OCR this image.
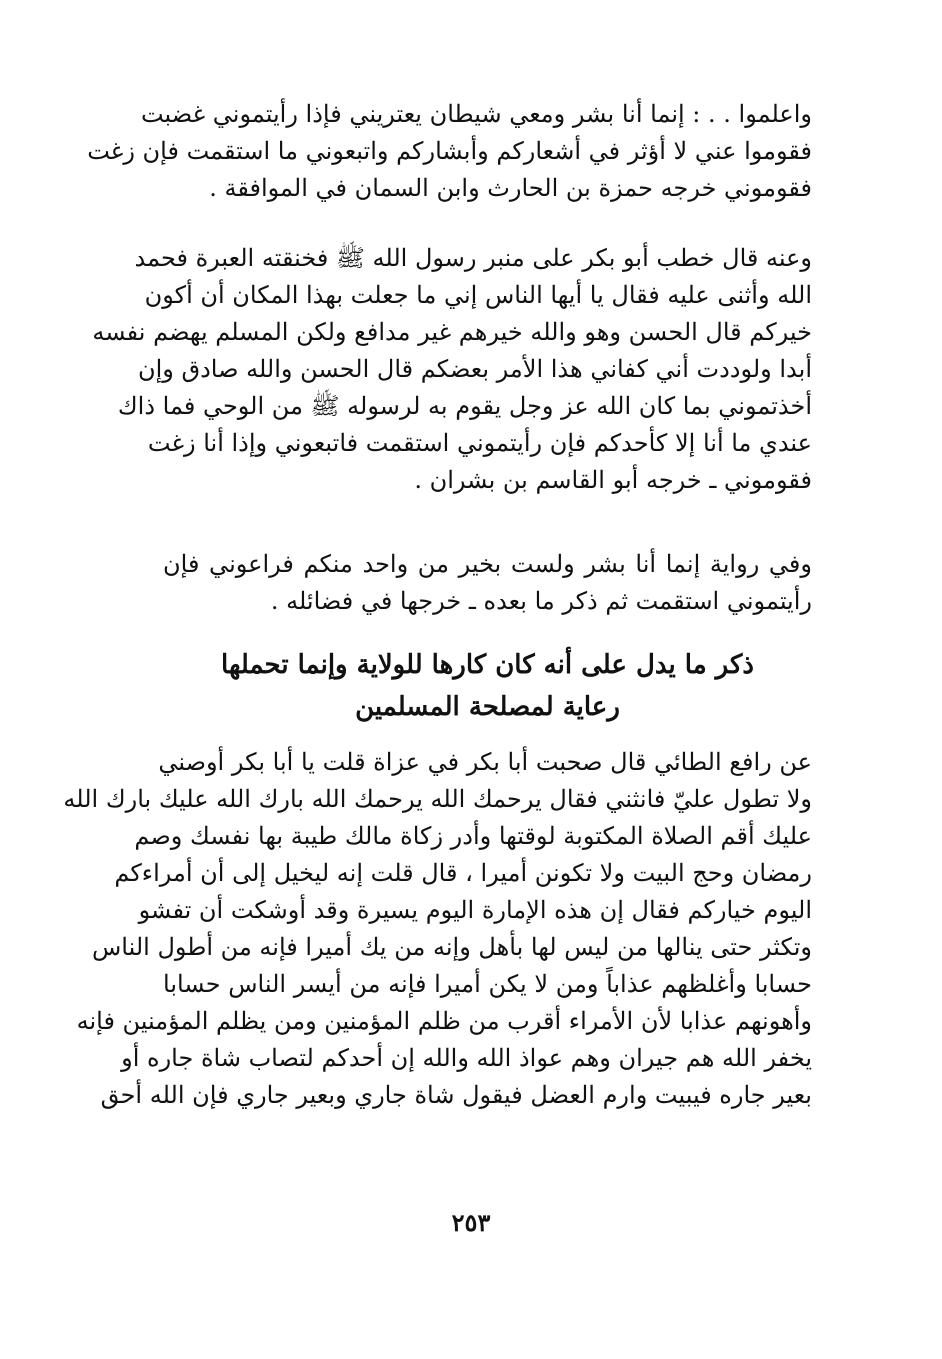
واعلموا . . : إنما أنا بشر ومعي شيطان يعتريني فإذا رأيتموني غضبت
فقوموا عني لا أؤثر في أشعاركم وأبشاركم واتبعوني ما استقمت فإن زغت
فقوموني خرجه حمزة بن الحارث وابن السمان في الموافقة .
وعنه قال خطب أبو بكر على منبر رسول الله ﷺ فخنقته العبرة فحمد
الله وأثنى عليه فقال يا أيها الناس إني ما جعلت بهذا المكان أن أكون
خيركم قال الحسن وهو والله خيرهم غير مدافع ولكن المسلم يهضم نفسه
أبدا ولوددت أني كفاني هذا الأمر بعضكم قال الحسن والله صادق وإن
أخذتموني بما كان الله عز وجل يقوم به لرسوله ﷺ من الوحي فما ذاك
عندي ما أنا إلا كأحدكم فإن رأيتموني استقمت فاتبعوني وإذا أنا زغت
فقوموني ـ خرجه أبو القاسم بن بشران .
وفي رواية إنما أنا بشر ولست بخير من واحد منكم فراعوني فإن
رأيتموني استقمت ثم ذكر ما بعده ـ خرجها في فضائله .
ذكر ما يدل على أنه كان كارها للولاية وإنما تحملها
رعاية لمصلحة المسلمين
عن رافع الطائي قال صحبت أبا بكر في عزاة قلت يا أبا بكر أوصني
ولا تطول عليّ فانثني فقال يرحمك الله يرحمك الله بارك الله عليك بارك الله
عليك أقم الصلاة المكتوبة لوقتها وأدر زكاة مالك طيبة بها نفسك وصم
رمضان وحج البيت ولا تكونن أميرا ، قال قلت إنه ليخيل إلى أن أمراءكم
اليوم خياركم فقال إن هذه الإمارة اليوم يسيرة وقد أوشكت أن تفشو
وتكثر حتى ينالها من ليس لها بأهل وإنه من يك أميرا فإنه من أطول الناس
حسابا وأغلظهم عذاباً ومن لا يكن أميرا فإنه من أيسر الناس حسابا
وأهونهم عذابا لأن الأمراء أقرب من ظلم المؤمنين ومن يظلم المؤمنين فإنه
يخفر الله هم جيران وهم عواذ الله والله إن أحدكم لتصاب شاة جاره أو
بعير جاره فيبيت وارم العضل فيقول شاة جاري وبعير جاري فإن الله أحق
٢٥٣
